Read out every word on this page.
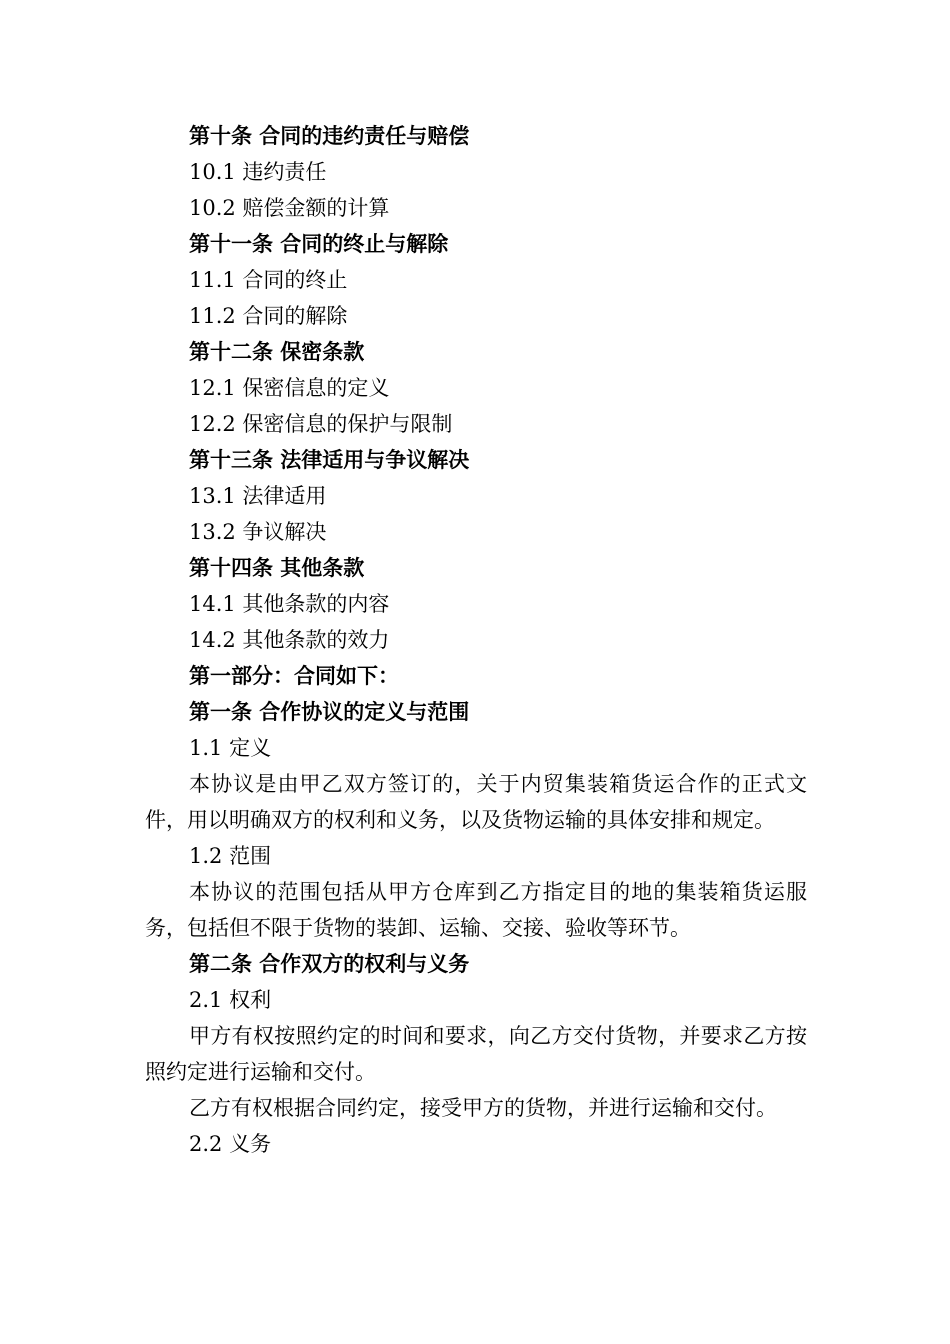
第十条 合同的违约责任与赔偿
10.1 违约责任
10.2 赔偿金额的计算
第十一条 合同的终止与解除
11.1 合同的终止
11.2 合同的解除
第十二条 保密条款
12.1 保密信息的定义
12.2 保密信息的保护与限制
第十三条 法律适用与争议解决
13.1 法律适用
13.2 争议解决
第十四条 其他条款
14.1 其他条款的内容
14.2 其他条款的效力
第一部分：合同如下：
第一条 合作协议的定义与范围
1.1 定义
本协议是由甲乙双方签订的，关于内贸集装箱货运合作的正式文件，用以明确双方的权利和义务，以及货物运输的具体安排和规定。
1.2 范围
本协议的范围包括从甲方仓库到乙方指定目的地的集装箱货运服务，包括但不限于货物的装卸、运输、交接、验收等环节。
第二条 合作双方的权利与义务
2.1 权利
甲方有权按照约定的时间和要求，向乙方交付货物，并要求乙方按照约定进行运输和交付。
乙方有权根据合同约定，接受甲方的货物，并进行运输和交付。
2.2 义务
